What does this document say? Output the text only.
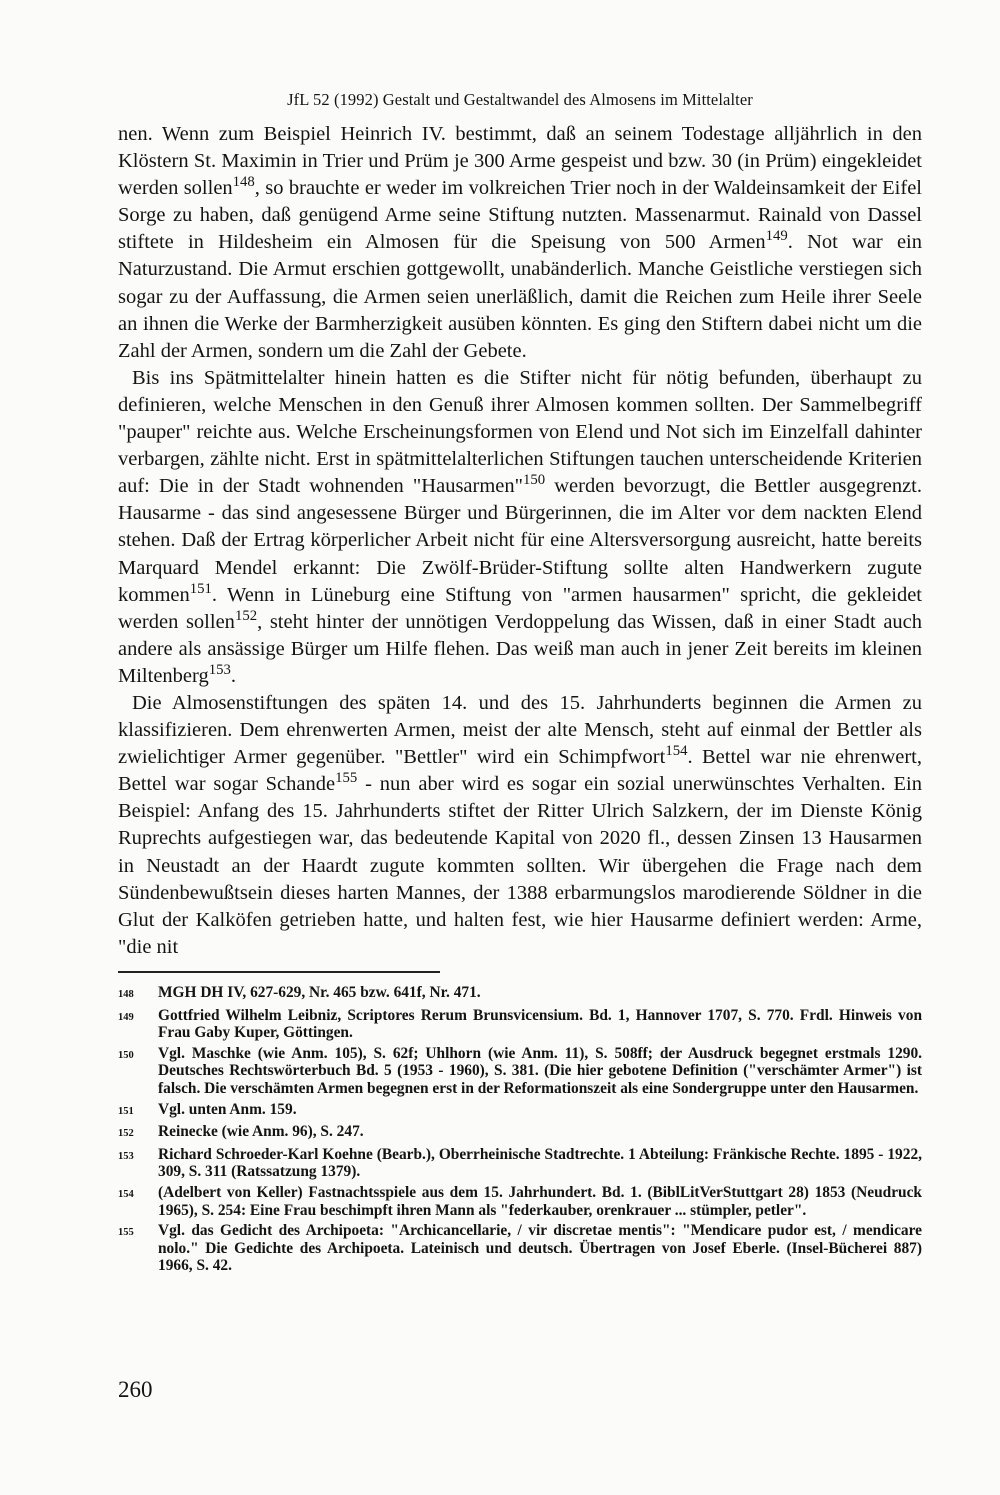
JfL 52 (1992) Gestalt und Gestaltwandel des Almosens im Mittelalter

nen. Wenn zum Beispiel Heinrich IV. bestimmt, daß an seinem Todestage alljährlich in den Klöstern St. Maximin in Trier und Prüm je 300 Arme gespeist und bzw. 30 (in Prüm) eingekleidet werden sollen$^{148}$, so brauchte er weder im volkreichen Trier noch in der Waldeinsamkeit der Eifel Sorge zu haben, daß genügend Arme seine Stiftung nutzten. Massenarmut. Rainald von Dassel stiftete in Hildesheim ein Almosen für die Speisung von 500 Armen$^{149}$. Not war ein Naturzustand. Die Armut erschien gottgewollt, unabänderlich. Manche Geistliche verstiegen sich sogar zu der Auffassung, die Armen seien unerläßlich, damit die Reichen zum Heile ihrer Seele an ihnen die Werke der Barmherzigkeit ausüben könnten. Es ging den Stiftern dabei nicht um die Zahl der Armen, sondern um die Zahl der Gebete.

Bis ins Spätmittelalter hinein hatten es die Stifter nicht für nötig befunden, überhaupt zu definieren, welche Menschen in den Genuß ihrer Almosen kommen sollten. Der Sammelbegriff "pauper" reichte aus. Welche Erscheinungsformen von Elend und Not sich im Einzelfall dahinter verbargen, zählte nicht. Erst in spätmittelalterlichen Stiftungen tauchen unterscheidende Kriterien auf: Die in der Stadt wohnenden "Hausarmen"$^{150}$ werden bevorzugt, die Bettler ausgegrenzt. Hausarme - das sind angesessene Bürger und Bürgerinnen, die im Alter vor dem nackten Elend stehen. Daß der Ertrag körperlicher Arbeit nicht für eine Altersversorgung ausreicht, hatte bereits Marquard Mendel erkannt: Die Zwölf-Brüder-Stiftung sollte alten Handwerkern zugute kommen$^{151}$. Wenn in Lüneburg eine Stiftung von "armen hausarmen" spricht, die gekleidet werden sollen$^{152}$, steht hinter der unnötigen Verdoppelung das Wissen, daß in einer Stadt auch andere als ansässige Bürger um Hilfe flehen. Das weiß man auch in jener Zeit bereits im kleinen Miltenberg$^{153}$.

Die Almosenstiftungen des späten 14. und des 15. Jahrhunderts beginnen die Armen zu klassifizieren. Dem ehrenwerten Armen, meist der alte Mensch, steht auf einmal der Bettler als zwielichtiger Armer gegenüber. "Bettler" wird ein Schimpfwort$^{154}$. Bettel war nie ehrenwert, Bettel war sogar Schande$^{155}$ - nun aber wird es sogar ein sozial unerwünschtes Verhalten. Ein Beispiel: Anfang des 15. Jahrhunderts stiftet der Ritter Ulrich Salzkern, der im Dienste König Ruprechts aufgestiegen war, das bedeutende Kapital von 2020 fl., dessen Zinsen 13 Hausarmen in Neustadt an der Haardt zugute kommten sollten. Wir übergehen die Frage nach dem Sündenbewußtsein dieses harten Mannes, der 1388 erbarmungslos marodierende Söldner in die Glut der Kalköfen getrieben hatte, und halten fest, wie hier Hausarme definiert werden: Arme, "die nit

148	MGH DH IV, 627-629, Nr. 465 bzw. 641f, Nr. 471.
149	Gottfried Wilhelm Leibniz, Scriptores Rerum Brunsvicensium. Bd. 1, Hannover 1707, S. 770. Frdl. Hinweis von Frau Gaby Kuper, Göttingen.
150	Vgl. Maschke (wie Anm. 105), S. 62f; Uhlhorn (wie Anm. 11), S. 508ff; der Ausdruck begegnet erstmals 1290. Deutsches Rechtswörterbuch Bd. 5 (1953 - 1960), S. 381. (Die hier gebotene Definition ("verschämter Armer") ist falsch. Die verschämten Armen begegnen erst in der Reformationszeit als eine Sondergruppe unter den Hausarmen.
151	Vgl. unten Anm. 159.
152	Reinecke (wie Anm. 96), S. 247.
153	Richard Schroeder-Karl Koehne (Bearb.), Oberrheinische Stadtrechte. 1 Abteilung: Fränkische Rechte. 1895 - 1922, 309, S. 311 (Ratssatzung 1379).
154	(Adelbert von Keller) Fastnachtsspiele aus dem 15. Jahrhundert. Bd. 1. (BiblLitVerStuttgart 28) 1853 (Neudruck 1965), S. 254: Eine Frau beschimpft ihren Mann als "federkauber, orenkrauer ... stümpler, petler".
155	Vgl. das Gedicht des Archipoeta: "Archicancellarie, / vir discretae mentis": "Mendicare pudor est, / mendicare nolo." Die Gedichte des Archipoeta. Lateinisch und deutsch. Übertragen von Josef Eberle. (Insel-Bücherei 887) 1966, S. 42.
260
